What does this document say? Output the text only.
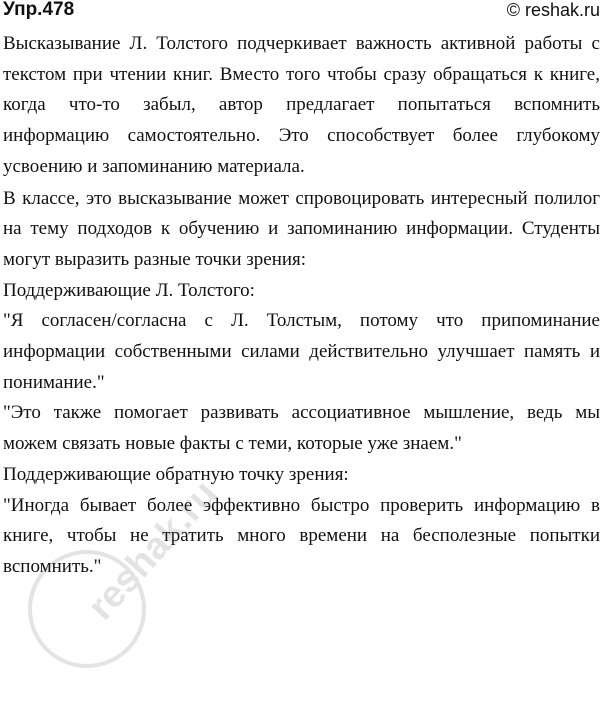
Упр.478	© reshak.ru

Высказывание Л. Толстого подчеркивает важность активной работы с текстом при чтении книг. Вместо того чтобы сразу обращаться к книге, когда что-то забыл, автор предлагает попытаться вспомнить информацию самостоятельно. Это способствует более глубокому усвоению и запоминанию материала.

В классе, это высказывание может спровоцировать интересный полилог на тему подходов к обучению и запоминанию информации. Студенты могут выразить разные точки зрения:

Поддерживающие Л. Толстого:

"Я согласен/согласна с Л. Толстым, потому что припоминание информации собственными силами действительно улучшает память и понимание."

"Это также помогает развивать ассоциативное мышление, ведь мы можем связать новые факты с теми, которые уже знаем."

Поддерживающие обратную точку зрения:

"Иногда бывает более эффективно быстро проверить информацию в книге, чтобы не тратить много времени на бесполезные попытки вспомнить."

reshak.ru
